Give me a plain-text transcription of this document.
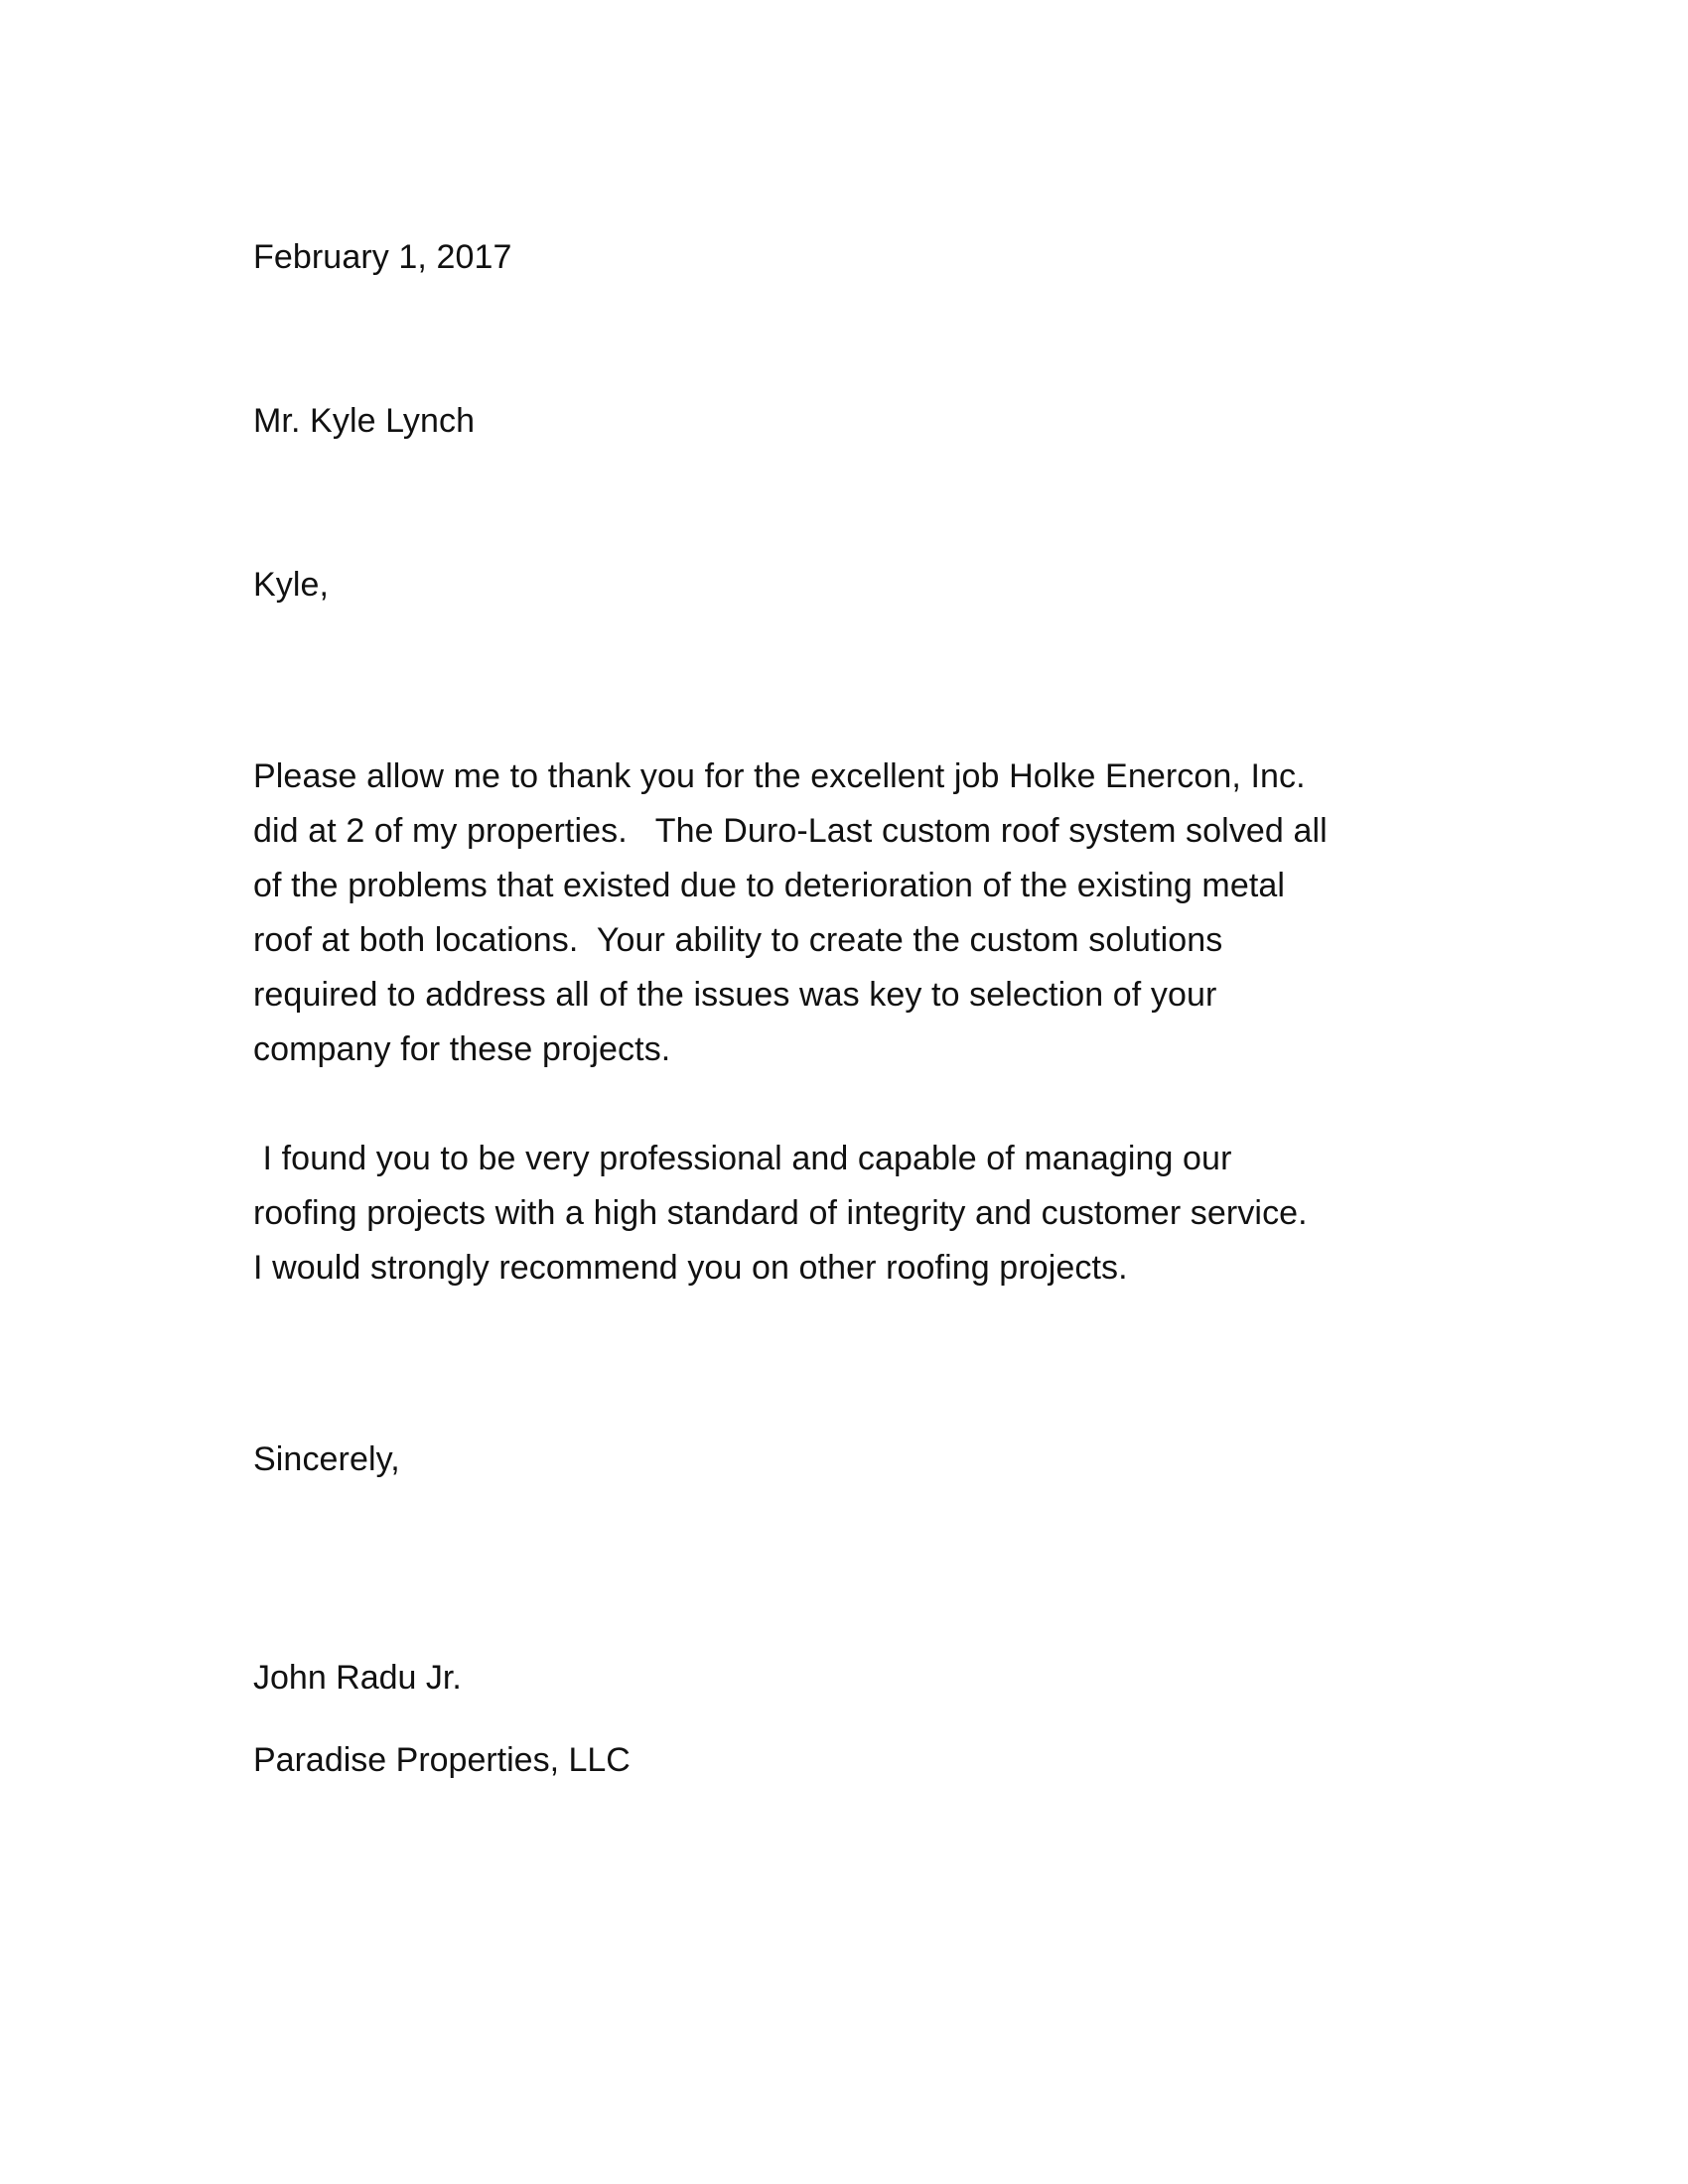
February 1, 2017
Mr. Kyle Lynch
Kyle,
Please allow me to thank you for the excellent job Holke Enercon, Inc.
did at 2 of my properties.   The Duro-Last custom roof system solved all
of the problems that existed due to deterioration of the existing metal
roof at both locations.  Your ability to create the custom solutions
required to address all of the issues was key to selection of your
company for these projects.
I found you to be very professional and capable of managing our
roofing projects with a high standard of integrity and customer service.
I would strongly recommend you on other roofing projects.
Sincerely,
John Radu Jr.
Paradise Properties, LLC
